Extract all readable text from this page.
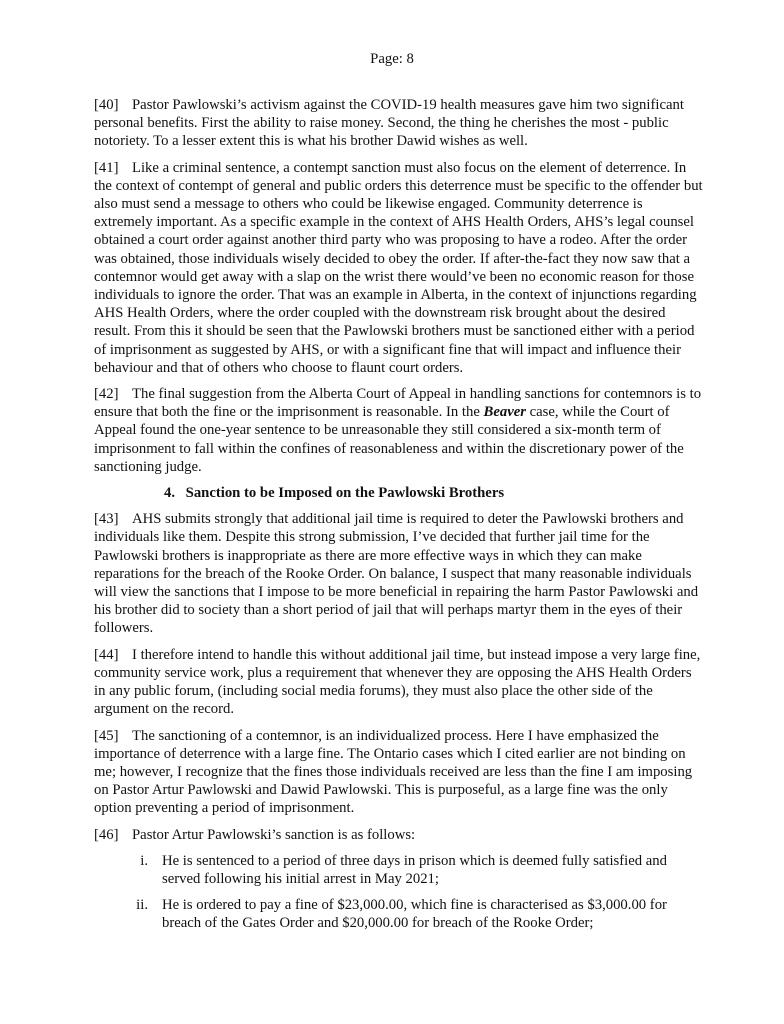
Page: 8

[40] Pastor Pawlowski’s activism against the COVID-19 health measures gave him two significant personal benefits. First the ability to raise money. Second, the thing he cherishes the most - public notoriety. To a lesser extent this is what his brother Dawid wishes as well.

[41] Like a criminal sentence, a contempt sanction must also focus on the element of deterrence. In the context of contempt of general and public orders this deterrence must be specific to the offender but also must send a message to others who could be likewise engaged. Community deterrence is extremely important. As a specific example in the context of AHS Health Orders, AHS’s legal counsel obtained a court order against another third party who was proposing to have a rodeo. After the order was obtained, those individuals wisely decided to obey the order. If after-the-fact they now saw that a contemnor would get away with a slap on the wrist there would’ve been no economic reason for those individuals to ignore the order. That was an example in Alberta, in the context of injunctions regarding AHS Health Orders, where the order coupled with the downstream risk brought about the desired result. From this it should be seen that the Pawlowski brothers must be sanctioned either with a period of imprisonment as suggested by AHS, or with a significant fine that will impact and influence their behaviour and that of others who choose to flaunt court orders.

[42] The final suggestion from the Alberta Court of Appeal in handling sanctions for contemnors is to ensure that both the fine or the imprisonment is reasonable. In the Beaver case, while the Court of Appeal found the one-year sentence to be unreasonable they still considered a six-month term of imprisonment to fall within the confines of reasonableness and within the discretionary power of the sanctioning judge.

4. Sanction to be Imposed on the Pawlowski Brothers

[43] AHS submits strongly that additional jail time is required to deter the Pawlowski brothers and individuals like them. Despite this strong submission, I’ve decided that further jail time for the Pawlowski brothers is inappropriate as there are more effective ways in which they can make reparations for the breach of the Rooke Order. On balance, I suspect that many reasonable individuals will view the sanctions that I impose to be more beneficial in repairing the harm Pastor Pawlowski and his brother did to society than a short period of jail that will perhaps martyr them in the eyes of their followers.

[44] I therefore intend to handle this without additional jail time, but instead impose a very large fine, community service work, plus a requirement that whenever they are opposing the AHS Health Orders in any public forum, (including social media forums), they must also place the other side of the argument on the record.

[45] The sanctioning of a contemnor, is an individualized process. Here I have emphasized the importance of deterrence with a large fine. The Ontario cases which I cited earlier are not binding on me; however, I recognize that the fines those individuals received are less than the fine I am imposing on Pastor Artur Pawlowski and Dawid Pawlowski. This is purposeful, as a large fine was the only option preventing a period of imprisonment.

[46] Pastor Artur Pawlowski’s sanction is as follows:

i. He is sentenced to a period of three days in prison which is deemed fully satisfied and served following his initial arrest in May 2021;
ii. He is ordered to pay a fine of $23,000.00, which fine is characterised as $3,000.00 for breach of the Gates Order and $20,000.00 for breach of the Rooke Order;
